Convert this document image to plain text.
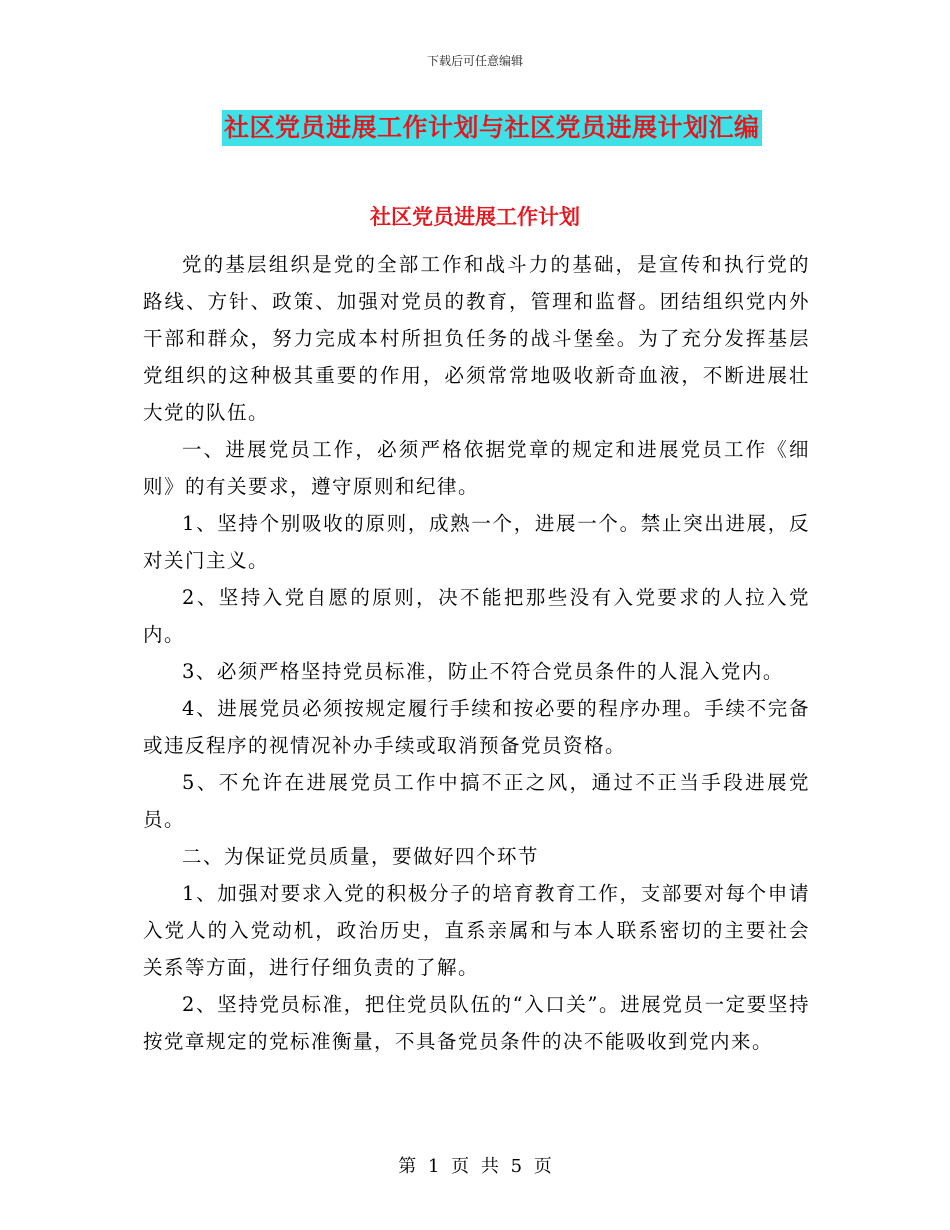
下载后可任意编辑
社区党员进展工作计划与社区党员进展计划汇编
社区党员进展工作计划

党的基层组织是党的全部工作和战斗力的基础，是宣传和执行党的路线、方针、政策、加强对党员的教育，管理和监督。团结组织党内外干部和群众，努力完成本村所担负任务的战斗堡垒。为了充分发挥基层党组织的这种极其重要的作用，必须常常地吸收新奇血液，不断进展壮大党的队伍。

一、进展党员工作，必须严格依据党章的规定和进展党员工作《细则》的有关要求，遵守原则和纪律。

1、坚持个别吸收的原则，成熟一个，进展一个。禁止突出进展，反对关门主义。

2、坚持入党自愿的原则，决不能把那些没有入党要求的人拉入党内。

3、必须严格坚持党员标准，防止不符合党员条件的人混入党内。

4、进展党员必须按规定履行手续和按必要的程序办理。手续不完备或违反程序的视情况补办手续或取消预备党员资格。

5、不允许在进展党员工作中搞不正之风，通过不正当手段进展党员。

二、为保证党员质量，要做好四个环节

1、加强对要求入党的积极分子的培育教育工作，支部要对每个申请入党人的入党动机，政治历史，直系亲属和与本人联系密切的主要社会关系等方面，进行仔细负责的了解。

2、坚持党员标准，把住党员队伍的“入口关”。进展党员一定要坚持按党章规定的党标准衡量，不具备党员条件的决不能吸收到党内来。

第 1 页 共 5 页
